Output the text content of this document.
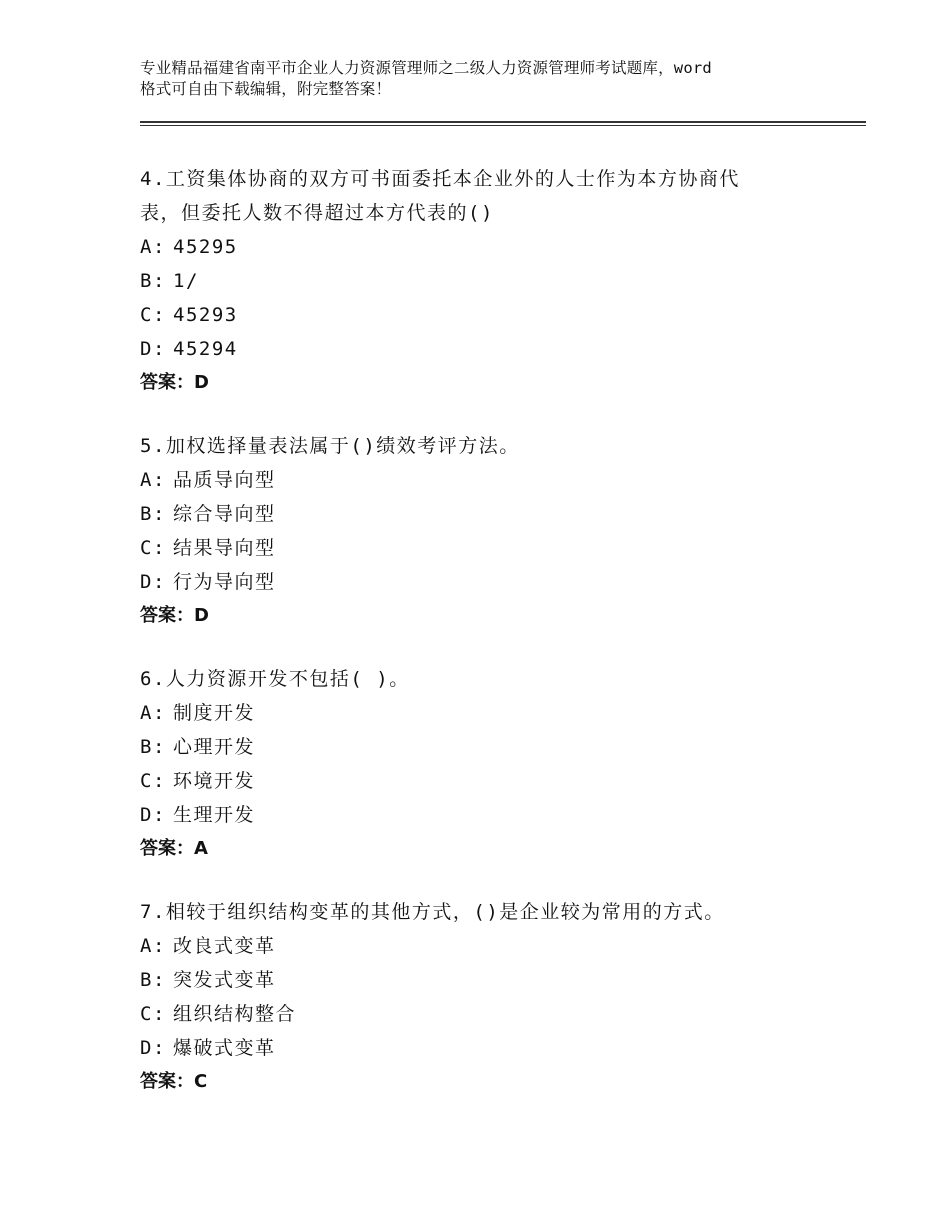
专业精品福建省南平市企业人力资源管理师之二级人力资源管理师考试题库，word
格式可自由下载编辑，附完整答案！

4.工资集体协商的双方可书面委托本企业外的人士作为本方协商代

表，但委托人数不得超过本方代表的()

A: 45295

B: 1/

C: 45293

D: 45294

答案：D

5.加权选择量表法属于()绩效考评方法。

A: 品质导向型

B: 综合导向型

C: 结果导向型

D: 行为导向型

答案：D

6.人力资源开发不包括( )。

A: 制度开发

B: 心理开发

C: 环境开发

D: 生理开发

答案：A

7.相较于组织结构变革的其他方式，()是企业较为常用的方式。

A: 改良式变革

B: 突发式变革

C: 组织结构整合

D: 爆破式变革

答案：C
